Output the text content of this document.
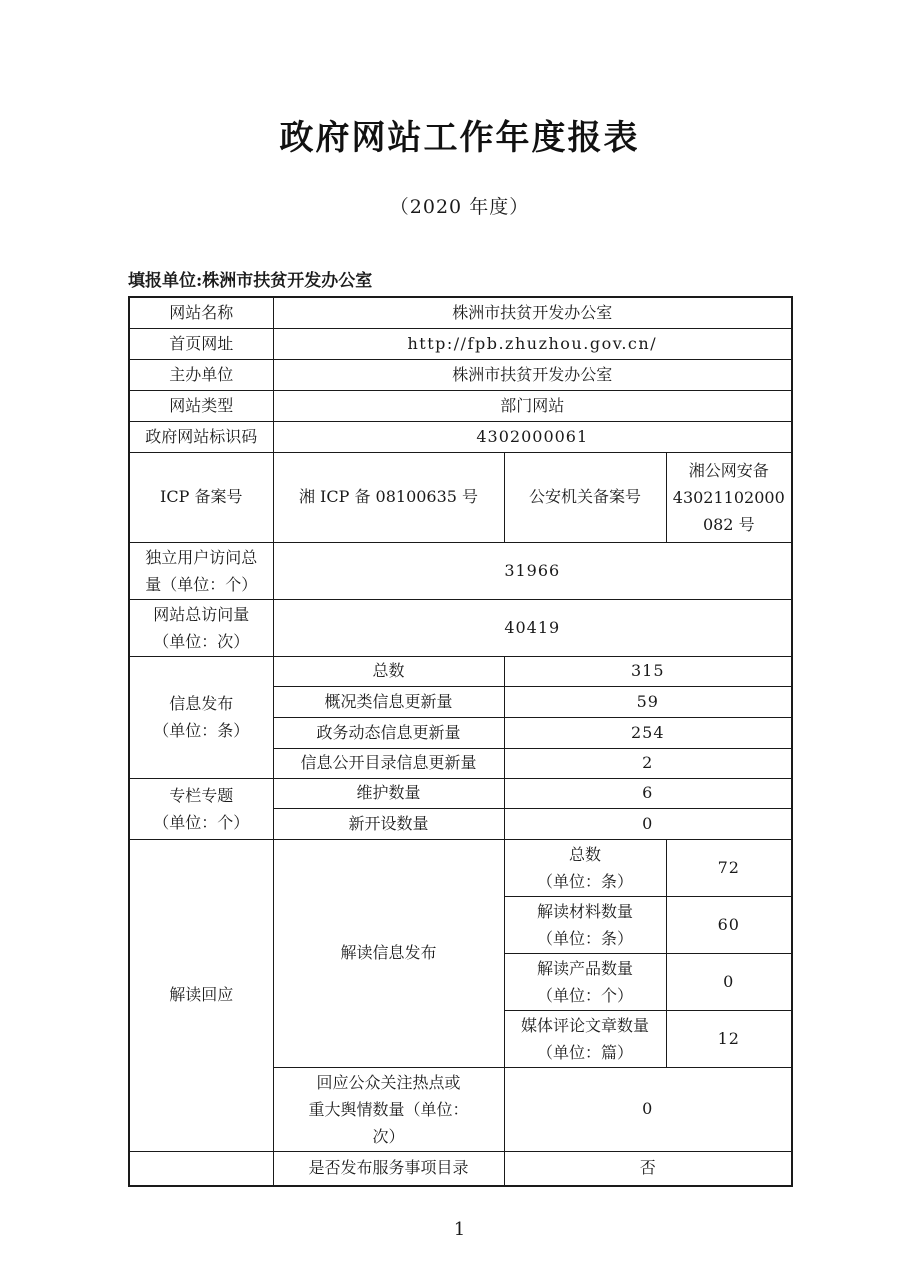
政府网站工作年度报表
（2020 年度）
填报单位:株洲市扶贫开发办公室
网站名称	株洲市扶贫开发办公室		
首页网址	http://fpb.zhuzhou.gov.cn/		
主办单位	株洲市扶贫开发办公室		
网站类型	部门网站		
政府网站标识码	4302000061		
ICP 备案号	湘 ICP 备 08100635 号	公安机关备案号	湘公网安备
43021102000
082 号

独立用户访问总
量（单位：个）	31966		

网站总访问量
（单位：次）	40419		

信息发布
（单位：条）	总数	315	
	概况类信息更新量	59	
	政务动态信息更新量	254	
	信息公开目录信息更新量	2	

专栏专题
（单位：个）	维护数量	6	
	新开设数量	0	
解读回应	解读信息发布	总数
（单位：条）	72

		解读材料数量
（单位：条）	60

		解读产品数量
（单位：个）	0

		媒体评论文章数量
（单位：篇）	12

	回应公众关注热点或
重大舆情数量（单位：
次）	0	
	是否发布服务事项目录	否	
1
